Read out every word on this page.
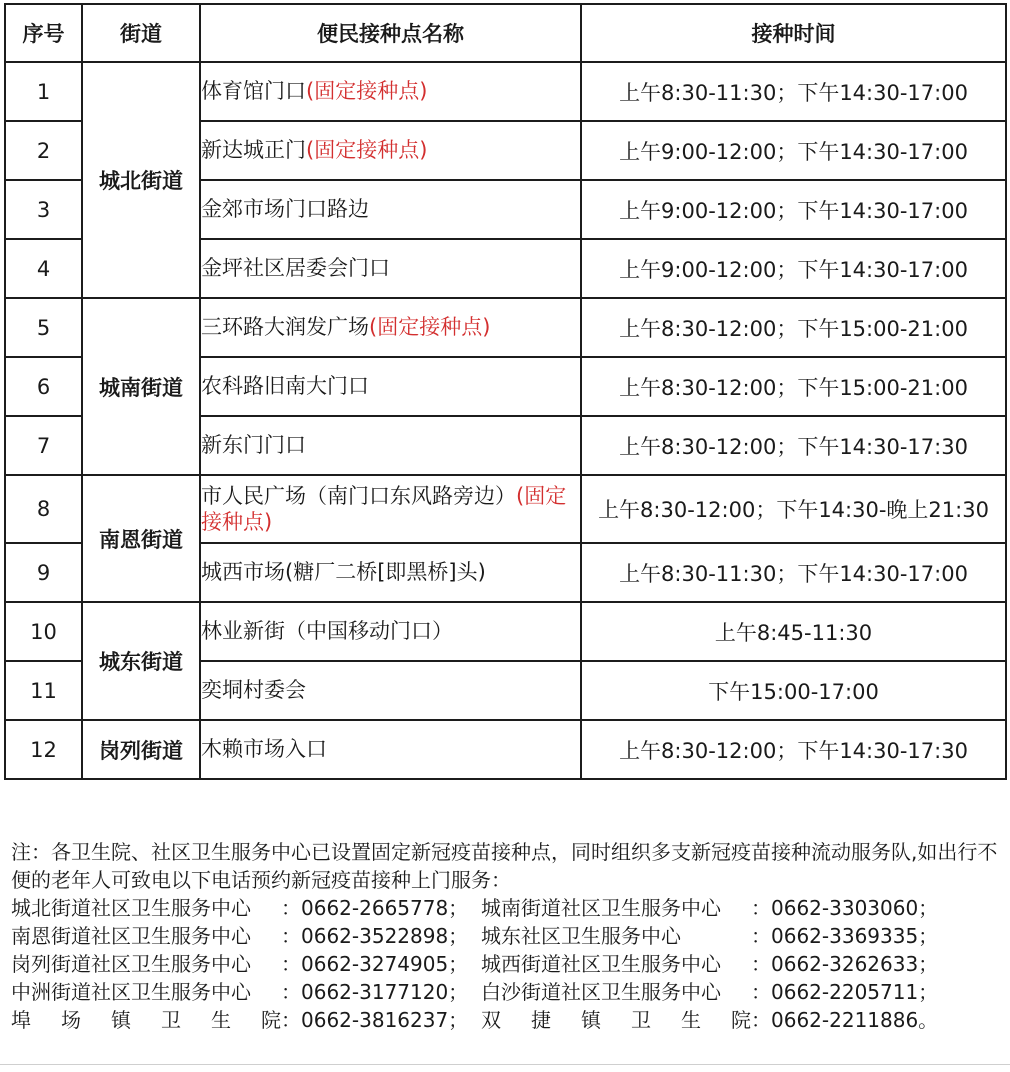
序号	街道	便民接种点名称	接种时间
1	城北街道	体育馆门口(固定接种点)	上午8:30-11:30；下午14:30-17:00
2		新达城正门(固定接种点)	上午9:00-12:00；下午14:30-17:00
3		金郊市场门口路边	上午9:00-12:00；下午14:30-17:00
4		金坪社区居委会门口	上午9:00-12:00；下午14:30-17:00
5	城南街道	三环路大润发广场(固定接种点)	上午8:30-12:00；下午15:00-21:00
6		农科路旧南大门口	上午8:30-12:00；下午15:00-21:00
7		新东门门口	上午8:30-12:00；下午14:30-17:30
8	南恩街道	市人民广场（南门口东风路旁边）(固定接种点)	上午8:30-12:00；下午14:30-晚上21:30
9		城西市场(糖厂二桥[即黑桥]头)	上午8:30-11:30；下午14:30-17:00
10	城东街道	林业新街（中国移动门口）	上午8:45-11:30
11		奕垌村委会	下午15:00-17:00
12	岗列街道	木赖市场入口	上午8:30-12:00；下午14:30-17:30
注：各卫生院、社区卫生服务中心已设置固定新冠疫苗接种点，同时组织多支新冠疫苗接种流动服务队,如出行不便的老年人可致电以下电话预约新冠疫苗接种上门服务：
城北街道社区卫生服务中心	：0662-2665778； 城南街道社区卫生服务中心	：0662-3303060；
南恩街道社区卫生服务中心	：0662-3522898； 城东社区卫生服务中心	：0662-3369335；
岗列街道社区卫生服务中心	：0662-3274905； 城西街道社区卫生服务中心	：0662-3262633；
中洲街道社区卫生服务中心	：0662-3177120； 白沙街道社区卫生服务中心	：0662-2205711；
埠场镇卫生院 ：0662-3816237； 双捷镇卫生院 ：0662-2211886。
